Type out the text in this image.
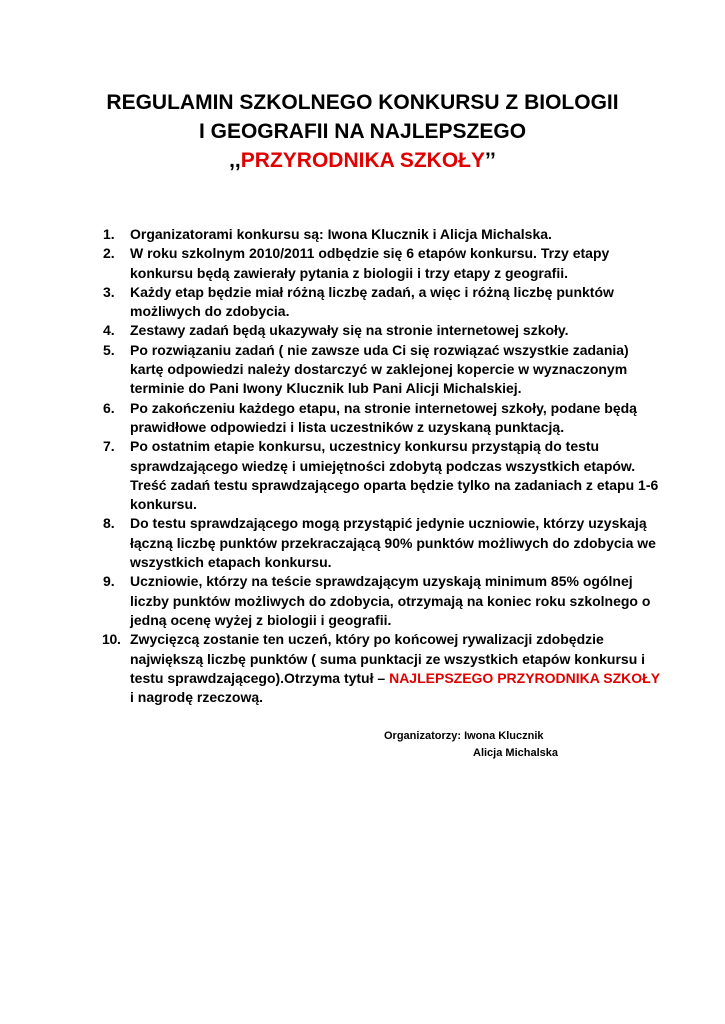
REGULAMIN SZKOLNEGO KONKURSU Z BIOLOGII
I GEOGRAFII NA NAJLEPSZEGO
,,PRZYRODNIKA SZKOŁY’’
1. Organizatorami konkursu są: Iwona Klucznik i Alicja Michalska.
2. W roku szkolnym 2010/2011 odbędzie się 6 etapów konkursu. Trzy etapy konkursu będą zawierały pytania z biologii i trzy etapy z geografii.
3. Każdy etap będzie miał różną liczbę zadań, a więc i różną liczbę punktów możliwych do zdobycia.
4. Zestawy zadań będą ukazywały się na stronie internetowej szkoły.
5. Po rozwiązaniu zadań ( nie zawsze uda Ci się rozwiązać wszystkie zadania) kartę odpowiedzi należy dostarczyć w zaklejonej kopercie w wyznaczonym terminie do Pani Iwony Klucznik lub Pani Alicji Michalskiej.
6. Po zakończeniu każdego etapu, na stronie internetowej szkoły, podane będą prawidłowe odpowiedzi i lista uczestników z uzyskaną punktacją.
7. Po ostatnim etapie konkursu, uczestnicy konkursu przystąpią do testu sprawdzającego wiedzę i umiejętności zdobytą podczas wszystkich etapów. Treść zadań testu sprawdzającego oparta będzie tylko na zadaniach z etapu 1-6 konkursu.
8. Do testu sprawdzającego mogą przystąpić jedynie uczniowie, którzy uzyskają łączną liczbę punktów przekraczającą 90% punktów możliwych do zdobycia we wszystkich etapach konkursu.
9. Uczniowie, którzy na teście sprawdzającym uzyskają minimum 85% ogólnej liczby punktów możliwych do zdobycia, otrzymają na koniec roku szkolnego o jedną ocenę wyżej z biologii i geografii.
10. Zwycięzcą zostanie ten uczeń, który po końcowej rywalizacji zdobędzie największą liczbę punktów ( suma punktacji ze wszystkich etapów konkursu i testu sprawdzającego).Otrzyma tytuł – NAJLEPSZEGO PRZYRODNIKA SZKOŁY i nagrodę rzeczową.
Organizatorzy: Iwona Klucznik
Alicja Michalska
